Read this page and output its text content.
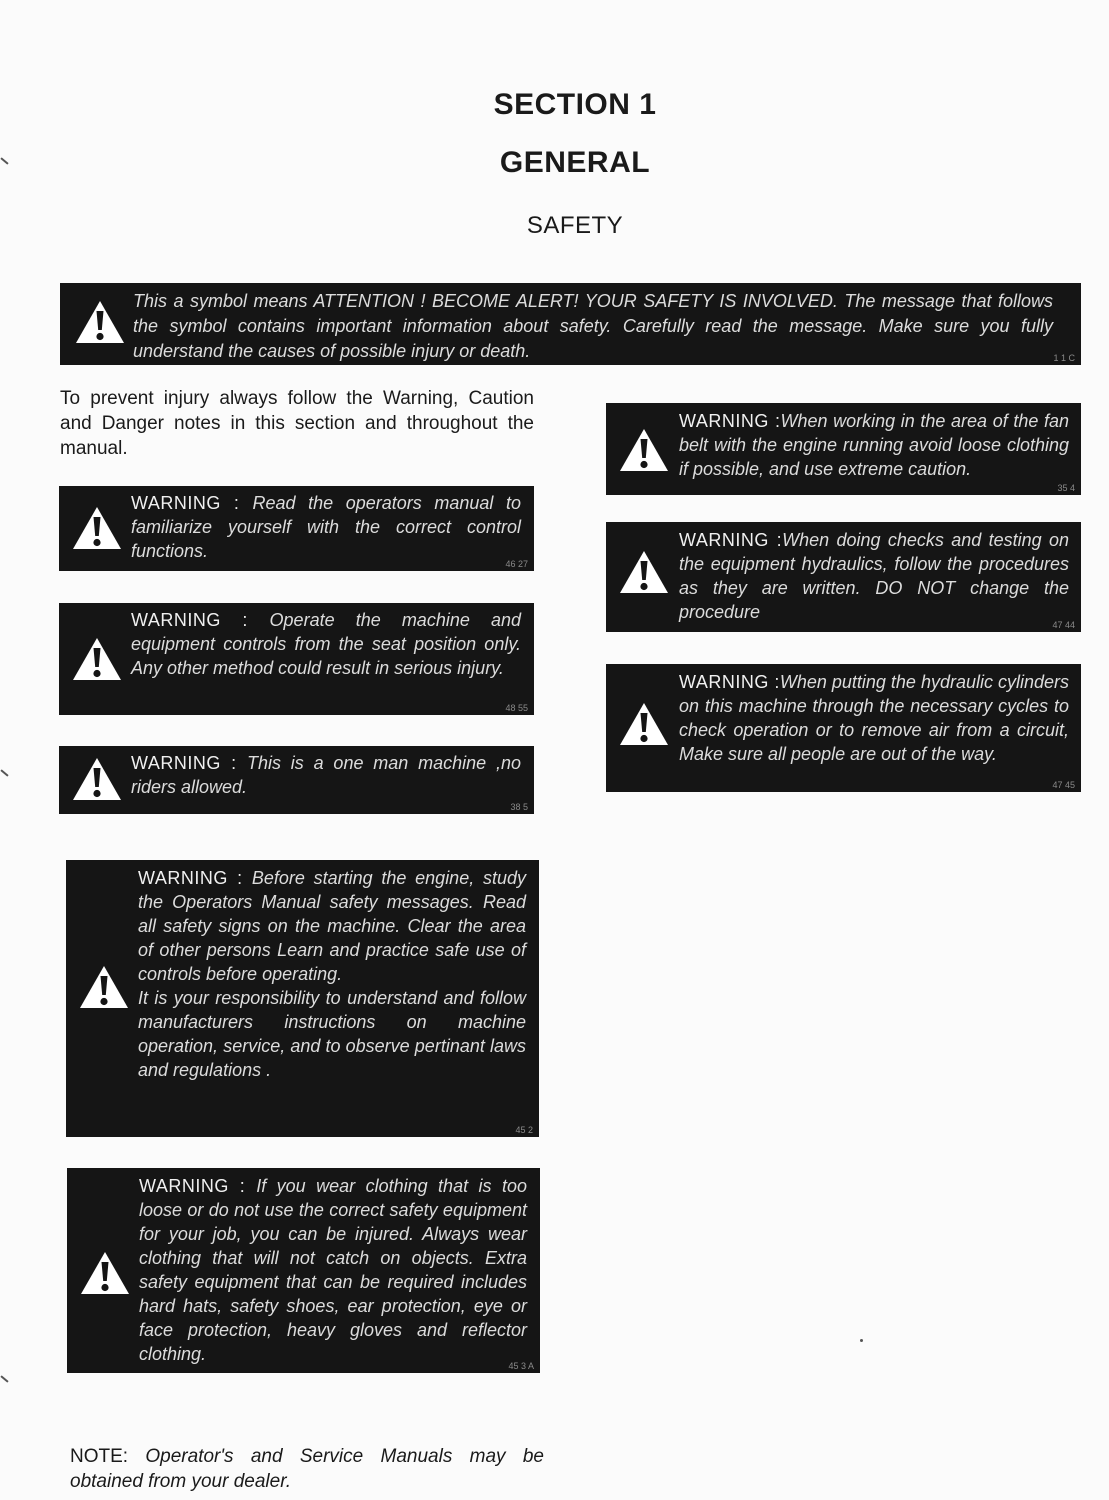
SECTION 1
GENERAL
SAFETY
This a symbol means ATTENTION ! BECOME ALERT! YOUR SAFETY IS INVOLVED. The message that follows the symbol contains important information about safety. Carefully read the message. Make sure you fully understand the causes of possible injury or death.	1 1 C

To prevent injury always follow the Warning, Caution and Danger notes in this section and throughout the manual.

WARNING : Read the operators manual to familiarize yourself with the correct control functions.
46 27
WARNING : Operate the machine and equipment controls from the seat position only. Any other method could result in serious injury.
48 55
WARNING : This is a one man machine ,no riders allowed.
38 5
WARNING : Before starting the engine, study the Operators Manual safety messages. Read all safety signs on the machine. Clear the area of other persons Learn and practice safe use of controls before operating.
It is your responsibility to understand and follow manufacturers instructions on machine operation, service, and to observe pertinant laws and regulations .
45 2
WARNING : If you wear clothing that is too loose or do not use the correct safety equipment for your job, you can be injured. Always wear clothing that will not catch on objects. Extra safety equipment that can be required includes hard hats, safety shoes, ear protection, eye or face protection, heavy gloves and reflector clothing.
45 3 A
WARNING :When working in the area of the fan belt with the engine running avoid loose clothing if possible, and use extreme caution.
35 4
WARNING :When doing checks and testing on the equipment hydraulics, follow the procedures as they are written. DO NOT change the procedure
47 44
WARNING :When putting the hydraulic cylinders on this machine through the necessary cycles to check operation or to remove air from a circuit, Make sure all people are out of the way.
47 45

NOTE: Operator's and Service Manuals may be obtained from your dealer.
